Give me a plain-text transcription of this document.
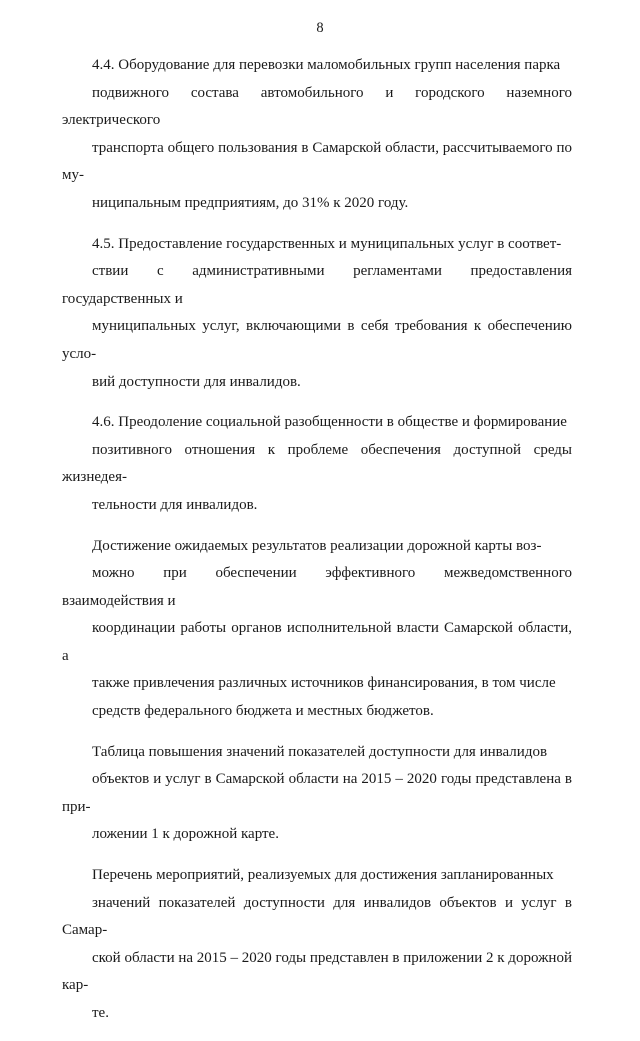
8

4.4. Оборудование для перевозки маломобильных групп населения парка
подвижного состава автомобильного и городского наземного электрического
транспорта общего пользования в Самарской области, рассчитываемого по му-
ниципальным предприятиям, до 31% к 2020 году.

4.5. Предоставление государственных и муниципальных услуг в соответ-
ствии с административными регламентами предоставления государственных и
муниципальных услуг, включающими в себя требования к обеспечению усло-
вий доступности для инвалидов.

4.6. Преодоление социальной разобщенности в обществе и формирование
позитивного отношения к проблеме обеспечения доступной среды жизнедея-
тельности для инвалидов.

Достижение ожидаемых результатов реализации дорожной карты воз-
можно при обеспечении эффективного межведомственного взаимодействия и
координации работы органов исполнительной власти Самарской области, а
также привлечения различных источников финансирования, в том числе
средств федерального бюджета и местных бюджетов.

Таблица повышения значений показателей доступности для инвалидов
объектов и услуг в Самарской области на 2015 – 2020 годы представлена в при-
ложении 1 к дорожной карте.

Перечень мероприятий, реализуемых для достижения запланированных
значений показателей доступности для инвалидов объектов и услуг в Самар-
ской области на 2015 – 2020 годы представлен в приложении 2 к дорожной кар-
те.
